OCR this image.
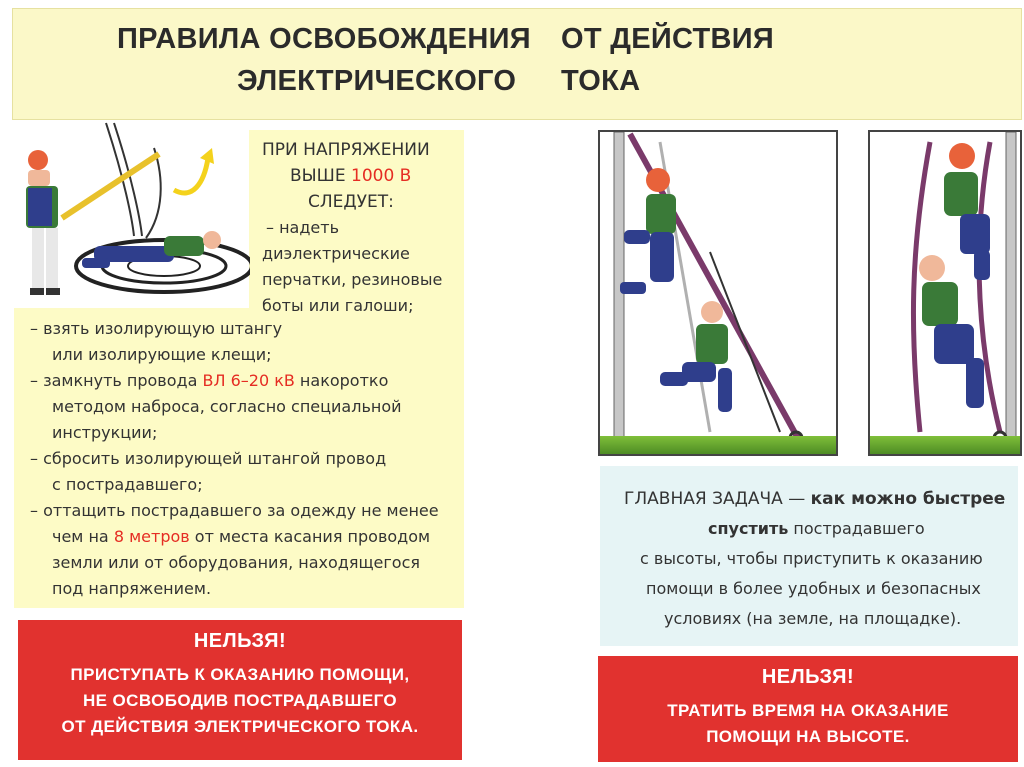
ПРАВИЛА ОСВОБОЖДЕНИЯ ОТ ДЕЙСТВИЯ
ЭЛЕКТРИЧЕСКОГО ТОКА
ПРИ НАПРЯЖЕНИИ
ВЫШЕ 1000 В
СЛЕДУЕТ:
– надеть
диэлектрические
перчатки, резиновые
боты или галоши;
– взять изолирующую штангу
или изолирующие клещи;
– замкнуть провода ВЛ 6–20 кВ накоротко
методом наброса, согласно специальной
инструкции;
– сбросить изолирующей штангой провод
с пострадавшего;
– оттащить пострадавшего за одежду не менее
чем на 8 метров от места касания проводом
земли или от оборудования, находящегося
под напряжением.
НЕЛЬЗЯ!
ПРИСТУПАТЬ К ОКАЗАНИЮ ПОМОЩИ,
НЕ ОСВОБОДИВ ПОСТРАДАВШЕГО
ОТ ДЕЙСТВИЯ ЭЛЕКТРИЧЕСКОГО ТОКА.
ГЛАВНАЯ ЗАДАЧА — как можно быстрее
спустить пострадавшего
с высоты, чтобы приступить к оказанию
помощи в более удобных и безопасных
условиях (на земле, на площадке).
НЕЛЬЗЯ!
ТРАТИТЬ ВРЕМЯ НА ОКАЗАНИЕ
ПОМОЩИ НА ВЫСОТЕ.
